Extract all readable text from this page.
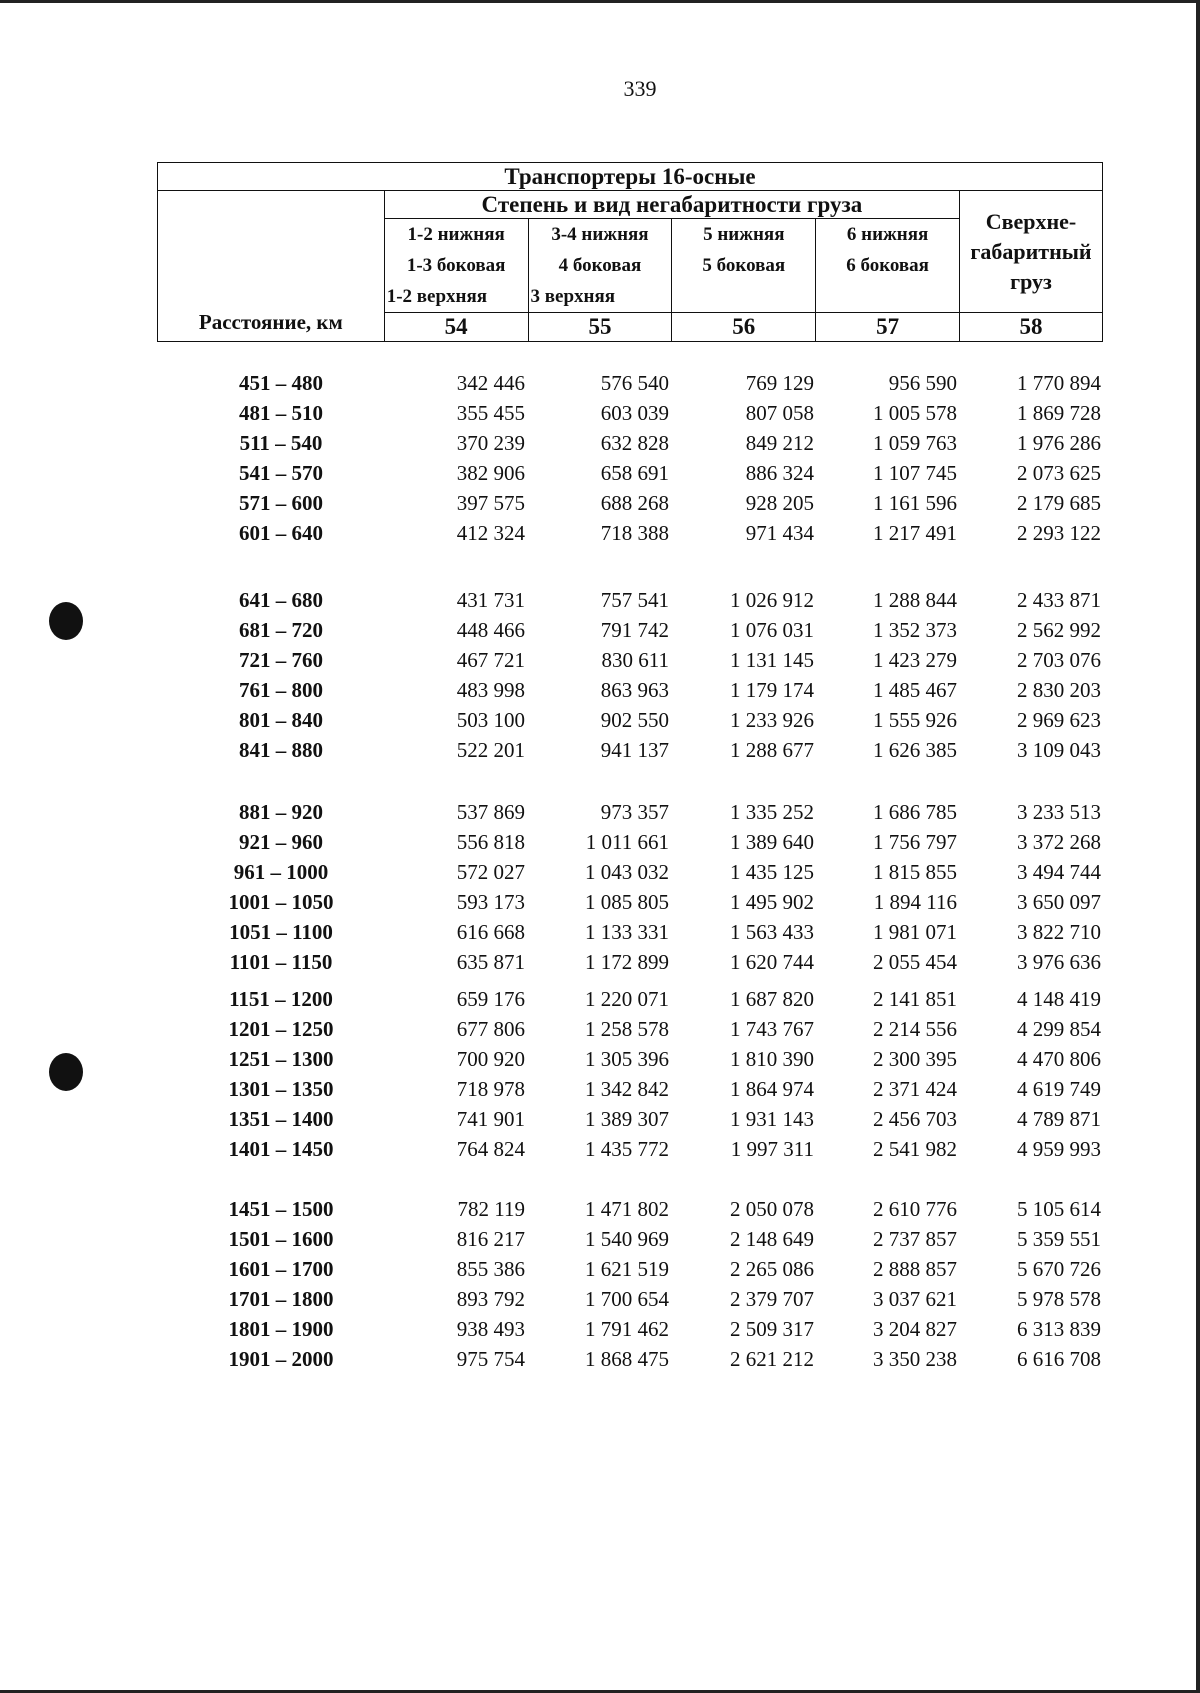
339
Транспортеры 16-осные					
Расстояние, км	Степень и вид негабаритности груза				Сверхне-
габаритный
груз

	1-2 нижняя
1-3 боковая
1-2 верхняя	3-4 нижняя
4 боковая
3 верхняя	5 нижняя
5 боковая	6 нижняя
6 боковая	

	54	55	56	57	58
451 – 480	342 446	576 540	769 129	956 590	1 770 894
481 – 510	355 455	603 039	807 058	1 005 578	1 869 728
511 – 540	370 239	632 828	849 212	1 059 763	1 976 286
541 – 570	382 906	658 691	886 324	1 107 745	2 073 625
571 – 600	397 575	688 268	928 205	1 161 596	2 179 685
601 – 640	412 324	718 388	971 434	1 217 491	2 293 122
641 – 680	431 731	757 541	1 026 912	1 288 844	2 433 871
681 – 720	448 466	791 742	1 076 031	1 352 373	2 562 992
721 – 760	467 721	830 611	1 131 145	1 423 279	2 703 076
761 – 800	483 998	863 963	1 179 174	1 485 467	2 830 203
801 – 840	503 100	902 550	1 233 926	1 555 926	2 969 623
841 – 880	522 201	941 137	1 288 677	1 626 385	3 109 043
881 – 920	537 869	973 357	1 335 252	1 686 785	3 233 513
921 – 960	556 818	1 011 661	1 389 640	1 756 797	3 372 268
961 – 1000	572 027	1 043 032	1 435 125	1 815 855	3 494 744
1001 – 1050	593 173	1 085 805	1 495 902	1 894 116	3 650 097
1051 – 1100	616 668	1 133 331	1 563 433	1 981 071	3 822 710
1101 – 1150	635 871	1 172 899	1 620 744	2 055 454	3 976 636
1151 – 1200	659 176	1 220 071	1 687 820	2 141 851	4 148 419
1201 – 1250	677 806	1 258 578	1 743 767	2 214 556	4 299 854
1251 – 1300	700 920	1 305 396	1 810 390	2 300 395	4 470 806
1301 – 1350	718 978	1 342 842	1 864 974	2 371 424	4 619 749
1351 – 1400	741 901	1 389 307	1 931 143	2 456 703	4 789 871
1401 – 1450	764 824	1 435 772	1 997 311	2 541 982	4 959 993
1451 – 1500	782 119	1 471 802	2 050 078	2 610 776	5 105 614
1501 – 1600	816 217	1 540 969	2 148 649	2 737 857	5 359 551
1601 – 1700	855 386	1 621 519	2 265 086	2 888 857	5 670 726
1701 – 1800	893 792	1 700 654	2 379 707	3 037 621	5 978 578
1801 – 1900	938 493	1 791 462	2 509 317	3 204 827	6 313 839
1901 – 2000	975 754	1 868 475	2 621 212	3 350 238	6 616 708
